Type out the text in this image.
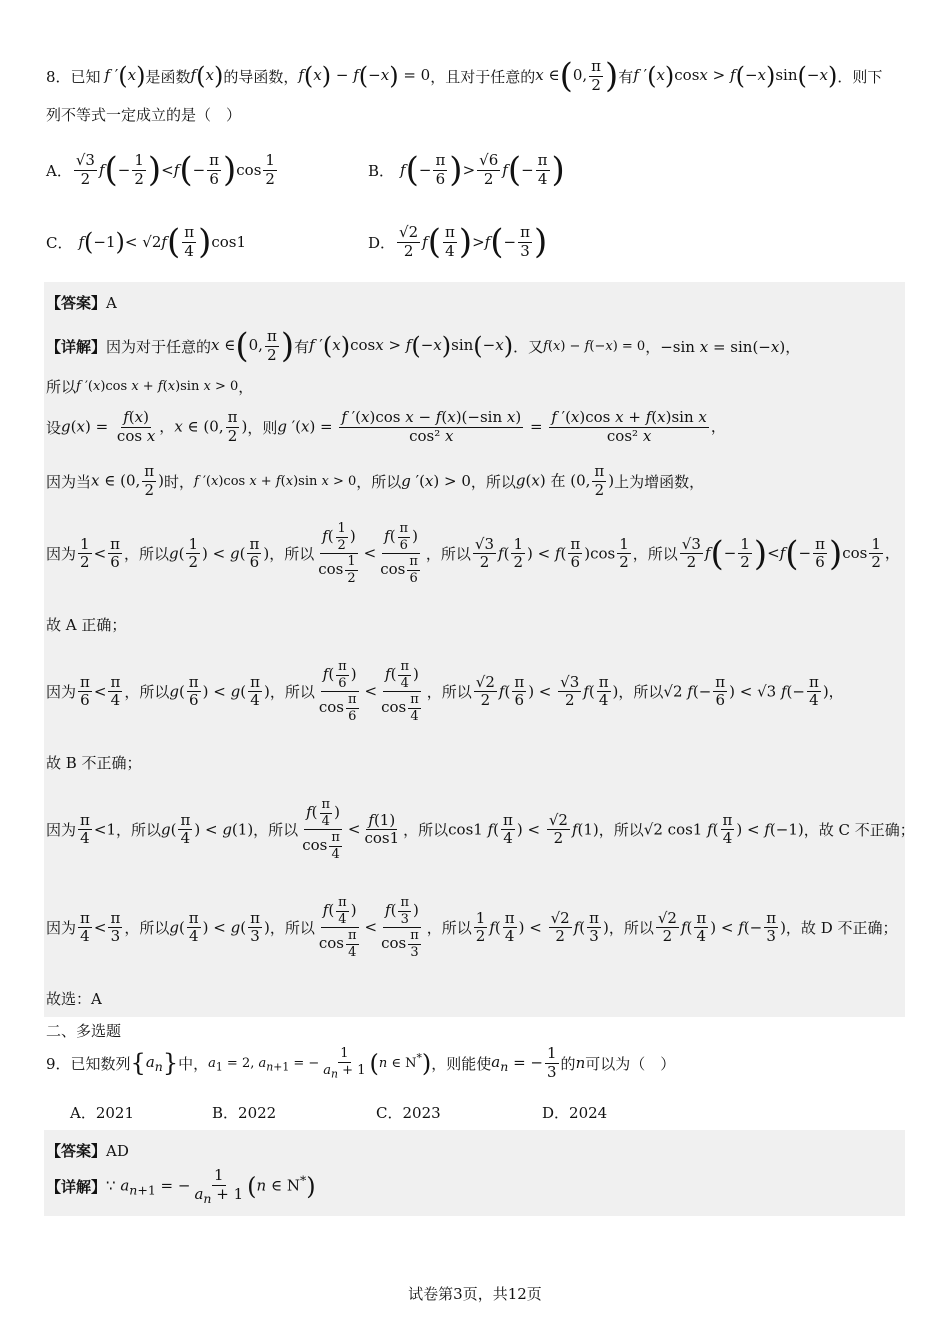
8．已知 f ′(x) 是函数 f(x) 的导函数， f(x) − f(−x) = 0 ，且对于任意的 x ∈(0, $\frac{\pi}{2}$ ) 有 f ′(x)cosx > f(−x)sin(−x) ．则下
列不等式一定成立的是（　）
A． $\frac{√3}{2}$ f ( − $\frac{1}{2}$ ) < f ( − $\frac{\pi}{6}$ ) $\cos \frac{1}{2}$	B． f ( − $\frac{\pi}{6}$ ) > $\frac{√6}{2}$ f ( − $\frac{\pi}{4}$ )
C． f ( −1 ) < √2 f ( $\frac{\pi}{4}$ ) cos1	D． $\frac{√2}{2}$ f ( $\frac{\pi}{4}$ ) > f ( − $\frac{\pi}{3}$ )
【答案】 A
【详解】 因为对于任意的 x ∈(0, $\frac{\pi}{2}$ ) 有 f ′(x)cosx > f(−x)sin(−x) ．又 f(x) − f(−x) = 0 ， −sin x = sin(−x)，
所以 f ′(x)cos x + f(x)sin x > 0 ，
设 $g(x) = \frac{f(x)}{\text{cos x}}$ ，x ∈ (0, $\frac{\pi}{2}$ ) ，则 g $'(x) = \frac{\text{f ′(x)cos x − f(x)(−sin x)}}{\text{cos² x}} = \frac{\text{f ′(x)cos x + f(x)sin x}}{\text{cos² x}}$ ，
因为当 x ∈ (0, $\frac{\pi}{2}$ ) 时， f ′(x)cos x + f(x)sin x > 0 ，所以 g ′(x) > 0 ，所以 g(x) 在 (0, $\frac{\pi}{2}$ ) 上为增函数，
因为 $\frac{1}{2} < \frac{\pi}{6}$ ，所以 $g( \frac{1}{2}$ ) < $g( \frac{\pi}{6}$ ) ，所以 $\frac{f( \frac{1}{2} )}{\cos \frac{1}{2}} < \frac{f( \frac{\pi}{6} )}{\cos \frac{\pi}{6}}$ ，所以 $\frac{√3}{2} f( \frac{1}{2}$ ) < $f( \frac{\pi}{6} )\cos \frac{1}{2}$ ，所以 $\frac{√3}{2} f(- \frac{1}{2} )<f(- \frac{\pi}{6} )\cos \frac{1}{2}$ ，
故 A 正确；
因为 $\frac{\pi}{6} < \frac{\pi}{4}$ ，所以 $g( \frac{\pi}{6}$ ) < $g( \frac{\pi}{4}$ ) ，所以 $\frac{f( \frac{\pi}{6} )}{\cos \frac{\pi}{6}} < \frac{f( \frac{\pi}{4} )}{\cos \frac{\pi}{4}}$ ，所以 $\frac{√2}{2} f( \frac{\pi}{6}$ ) < $\frac{√3}{2} f( \frac{\pi}{4}$ ) ，所以 √2 $f(- \frac{\pi}{6}$ ) < √3 $f(- \frac{\pi}{4}$ )，
故 B 不正确；
因为 $\frac{\pi}{4} <1$ ，所以 $g( \frac{\pi}{4}$ ) < g(1) ，所以 $\frac{f( \frac{\pi}{4} )}{\cos \frac{\pi}{4}} < \frac{f(1)}{\cos 1}$ ，所以 cos1 $f( \frac{\pi}{4}$ ) < $\frac{√2}{2} f(1)$ ，所以 √2 cos1 $f( \frac{\pi}{4}$ ) < f(−1) ，故 C 不正确；
因为 $\frac{\pi}{4} < \frac{\pi}{3}$ ，所以 $g( \frac{\pi}{4}$ ) < $g( \frac{\pi}{3}$ ) ，所以 $\frac{f( \frac{\pi}{4} )}{\cos \frac{\pi}{4}} < \frac{f( \frac{\pi}{3} )}{\cos \frac{\pi}{3}}$ ，所以 $\frac{1}{2} f( \frac{\pi}{4}$ ) < $\frac{√2}{2} f( \frac{\pi}{3}$ ) ，所以 $\frac{√2}{2} f( \frac{\pi}{4}$ ) < $f(- \frac{\pi}{3}$ ) ，故 D 不正确；
故选：A
二、多选题
9．已知数列 $\{a_n\}$ 中， $a_1 = 2$, $a_{n+1}$ = − $\frac{1}{a_n + 1} (n$ ∈ N*) ，则能使 $a_n$ = − $\frac{1}{3}$ 的 n 可以为（　）
A．2021	B．2022	C．2023	D．2024
【答案】 AD
【详解】 ∵ $a_{n+1}$ = − $\frac{1}{a_n + 1} (n$ ∈ N*)
试卷第3页，共12页
